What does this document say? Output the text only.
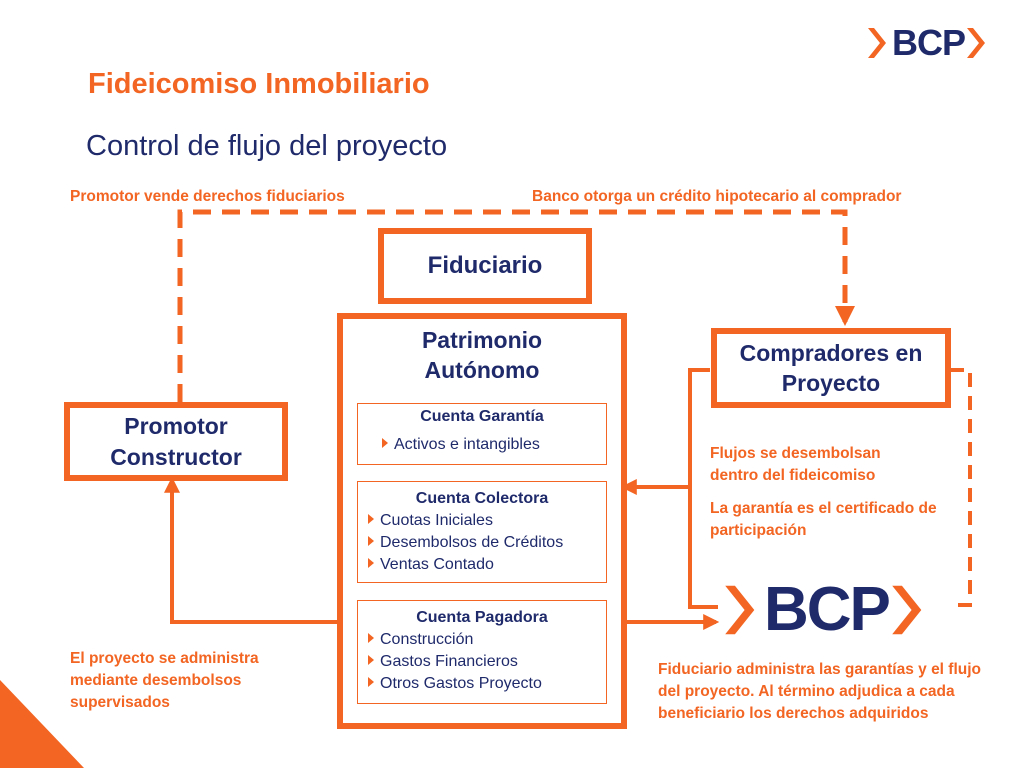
BCP
Fideicomiso Inmobiliario
Control de flujo del proyecto
Promotor vende derechos fiduciarios	Banco otorga un crédito hipotecario al comprador
Flujos se desembolsan dentro del fideicomiso
La garantía es el certificado de participación
El proyecto se administra mediante desembolsos supervisados
Fiduciario administra las garantías y el flujo del proyecto. Al término adjudica a cada beneficiario los derechos adquiridos
Fiduciario
Patrimonio Autónomo
Compradores en Proyecto
Promotor Constructor
Cuenta Garantía
Activos e intangibles
Cuenta Colectora
Cuotas Iniciales
Desembolsos de Créditos
Ventas Contado
Cuenta Pagadora
Construcción
Gastos Financieros
Otros Gastos Proyecto
BCP
